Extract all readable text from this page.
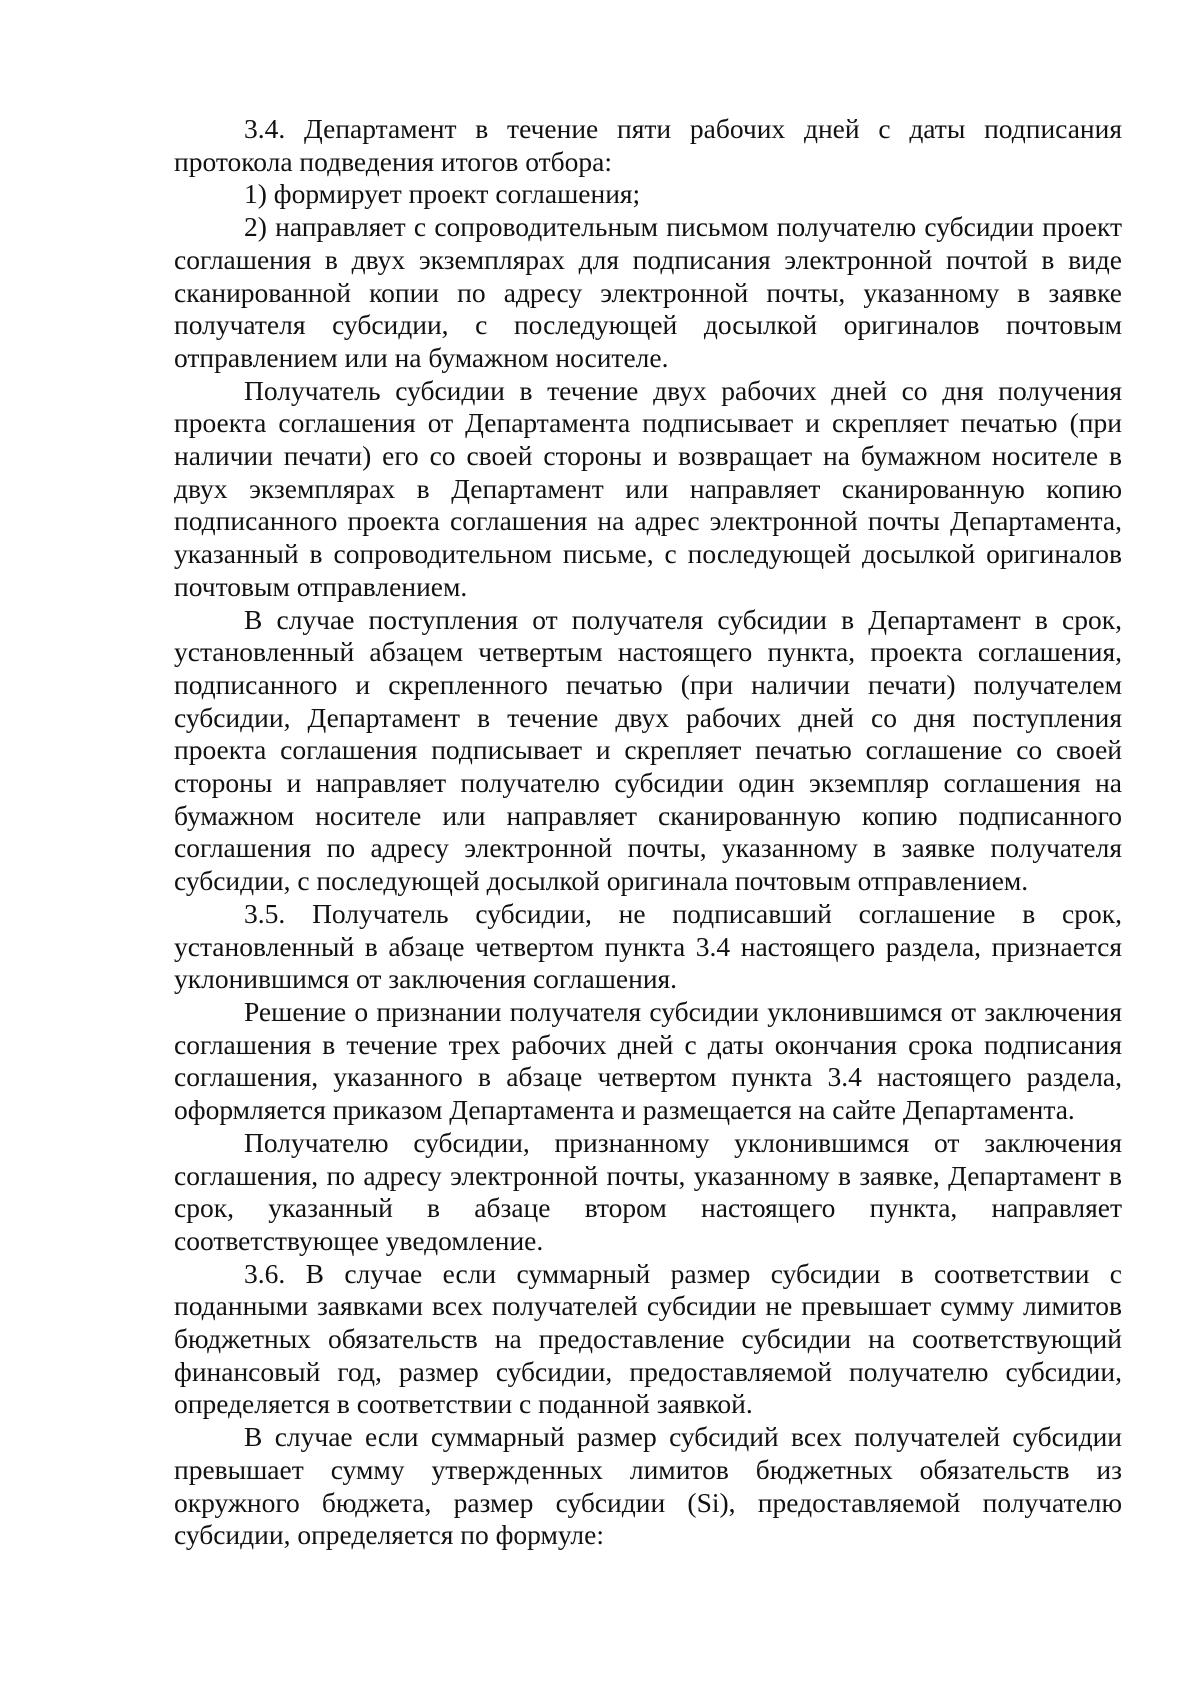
3.4. Департамент в течение пяти рабочих дней с даты подписания протокола подведения итогов отбора:

1) формирует проект соглашения;

2) направляет с сопроводительным письмом получателю субсидии проект соглашения в двух экземплярах для подписания электронной почтой в виде сканированной копии по адресу электронной почты, указанному в заявке получателя субсидии, с последующей досылкой оригиналов почтовым отправлением или на бумажном носителе.

Получатель субсидии в течение двух рабочих дней со дня получения проекта соглашения от Департамента подписывает и скрепляет печатью (при наличии печати) его со своей стороны и возвращает на бумажном носителе в двух экземплярах в Департамент или направляет сканированную копию подписанного проекта соглашения на адрес электронной почты Департамента, указанный в сопроводительном письме, с последующей досылкой оригиналов почтовым отправлением.

В случае поступления от получателя субсидии в Департамент в срок, установленный абзацем четвертым настоящего пункта, проекта соглашения, подписанного и скрепленного печатью (при наличии печати) получателем субсидии, Департамент в течение двух рабочих дней со дня поступления проекта соглашения подписывает и скрепляет печатью соглашение со своей стороны и направляет получателю субсидии один экземпляр соглашения на бумажном носителе или направляет сканированную копию подписанного соглашения по адресу электронной почты, указанному в заявке получателя субсидии, с последующей досылкой оригинала почтовым отправлением.

3.5. Получатель субсидии, не подписавший соглашение в срок, установленный в абзаце четвертом пункта 3.4 настоящего раздела, признается уклонившимся от заключения соглашения.

Решение о признании получателя субсидии уклонившимся от заключения соглашения в течение трех рабочих дней с даты окончания срока подписания соглашения, указанного в абзаце четвертом пункта 3.4 настоящего раздела, оформляется приказом Департамента и размещается на сайте Департамента.

Получателю субсидии, признанному уклонившимся от заключения соглашения, по адресу электронной почты, указанному в заявке, Департамент в срок, указанный в абзаце втором настоящего пункта, направляет соответствующее уведомление.

3.6. В случае если суммарный размер субсидии в соответствии с поданными заявками всех получателей субсидии не превышает сумму лимитов бюджетных обязательств на предоставление субсидии на соответствующий финансовый год, размер субсидии, предоставляемой получателю субсидии, определяется в соответствии с поданной заявкой.

В случае если суммарный размер субсидий всех получателей субсидии превышает сумму утвержденных лимитов бюджетных обязательств из окружного бюджета, размер субсидии (Si), предоставляемой получателю субсидии, определяется по формуле:
